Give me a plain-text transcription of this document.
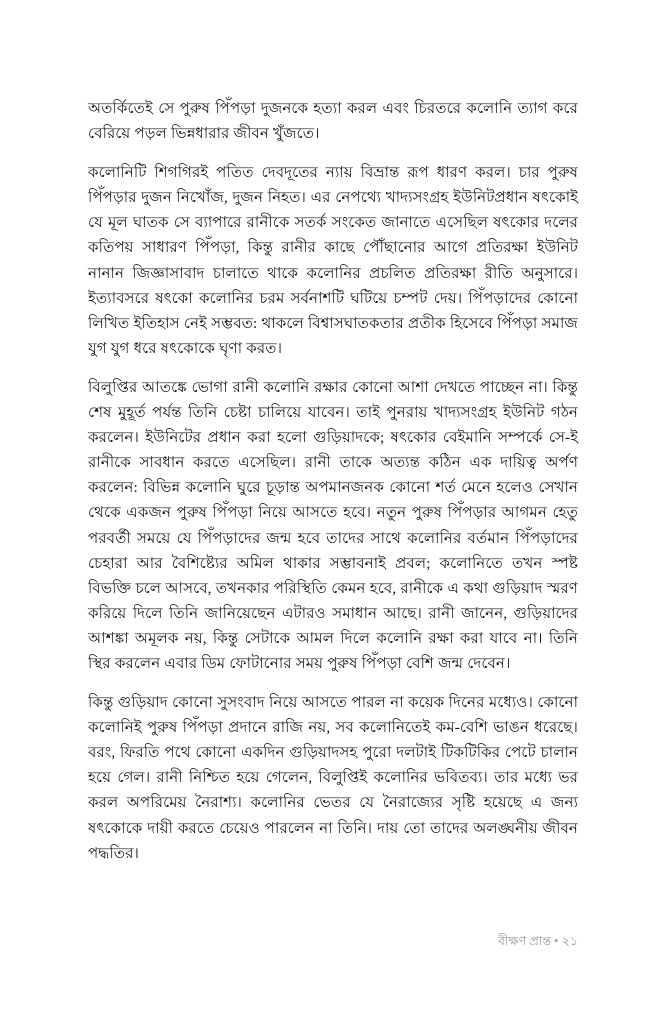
অতর্কিতেই সে পুরুষ পিঁপড়া দুজনকে হত্যা করল এবং চিরতরে কলোনি ত্যাগ করে বেরিয়ে পড়ল ভিন্নধারার জীবন খুঁজতে।

কলোনিটি শিগগিরই পতিত দেবদূতের ন্যায় বিভ্রান্ত রূপ ধারণ করল। চার পুরুষ পিঁপড়ার দুজন নিখোঁজ, দুজন নিহত। এর নেপথ্যে খাদ্যসংগ্রহ ইউনিটপ্রধান ষৎকোই যে মূল ঘাতক সে ব্যাপারে রানীকে সতর্ক সংকেত জানাতে এসেছিল ষৎকোর দলের কতিপয় সাধারণ পিঁপড়া, কিন্তু রানীর কাছে পৌঁছানোর আগে প্রতিরক্ষা ইউনিট নানান জিজ্ঞাসাবাদ চালাতে থাকে কলোনির প্রচলিত প্রতিরক্ষা রীতি অনুসারে। ইত্যাবসরে ষৎকো কলোনির চরম সর্বনাশটি ঘটিয়ে চম্পট দেয়। পিঁপড়াদের কোনো লিখিত ইতিহাস নেই সম্ভবত: থাকলে বিশ্বাসঘাতকতার প্রতীক হিসেবে পিঁপড়া সমাজ যুগ যুগ ধরে ষৎকোকে ঘৃণা করত।

বিলুপ্তির আতঙ্কে ভোগা রানী কলোনি রক্ষার কোনো আশা দেখতে পাচ্ছেন না। কিন্তু শেষ মুহূর্ত পর্যন্ত তিনি চেষ্টা চালিয়ে যাবেন। তাই পুনরায় খাদ্যসংগ্রহ ইউনিট গঠন করলেন। ইউনিটের প্রধান করা হলো গুড়িয়াদকে; ষৎকোর বেইমানি সম্পর্কে সে-ই রানীকে সাবধান করতে এসেছিল। রানী তাকে অত্যন্ত কঠিন এক দায়িত্ব অর্পণ করলেন: বিভিন্ন কলোনি ঘুরে চূড়ান্ত অপমানজনক কোনো শর্ত মেনে হলেও সেখান থেকে একজন পুরুষ পিঁপড়া নিয়ে আসতে হবে। নতুন পুরুষ পিঁপড়ার আগমন হেতু পরবর্তী সময়ে যে পিঁপড়াদের জন্ম হবে তাদের সাথে কলোনির বর্তমান পিঁপড়াদের চেহারা আর বৈশিষ্ট্যের অমিল থাকার সম্ভাবনাই প্রবল; কলোনিতে তখন স্পষ্ট বিভক্তি চলে আসবে, তখনকার পরিস্থিতি কেমন হবে, রানীকে এ কথা গুড়িয়াদ স্মরণ করিয়ে দিলে তিনি জানিয়েছেন এটারও সমাধান আছে। রানী জানেন, গুড়িয়াদের আশঙ্কা অমূলক নয়, কিন্তু সেটাকে আমল দিলে কলোনি রক্ষা করা যাবে না। তিনি স্থির করলেন এবার ডিম ফোটানোর সময় পুরুষ পিঁপড়া বেশি জন্ম দেবেন।

কিন্তু গুড়িয়াদ কোনো সুসংবাদ নিয়ে আসতে পারল না কয়েক দিনের মধ্যেও। কোনো কলোনিই পুরুষ পিঁপড়া প্রদানে রাজি নয়, সব কলোনিতেই কম-বেশি ভাঙন ধরেছে। বরং, ফিরতি পথে কোনো একদিন গুড়িয়াদসহ পুরো দলটাই টিকটিকির পেটে চালান হয়ে গেল। রানী নিশ্চিত হয়ে গেলেন, বিলুপ্তিই কলোনির ভবিতব্য। তার মধ্যে ভর করল অপরিমেয় নৈরাশ্য। কলোনির ভেতর যে নৈরাজ্যের সৃষ্টি হয়েছে এ জন্য ষৎকোকে দায়ী করতে চেয়েও পারলেন না তিনি। দায় তো তাদের অলঙ্ঘনীয় জীবন পদ্ধতির।

বীক্ষণ প্রান্ত • ২১
